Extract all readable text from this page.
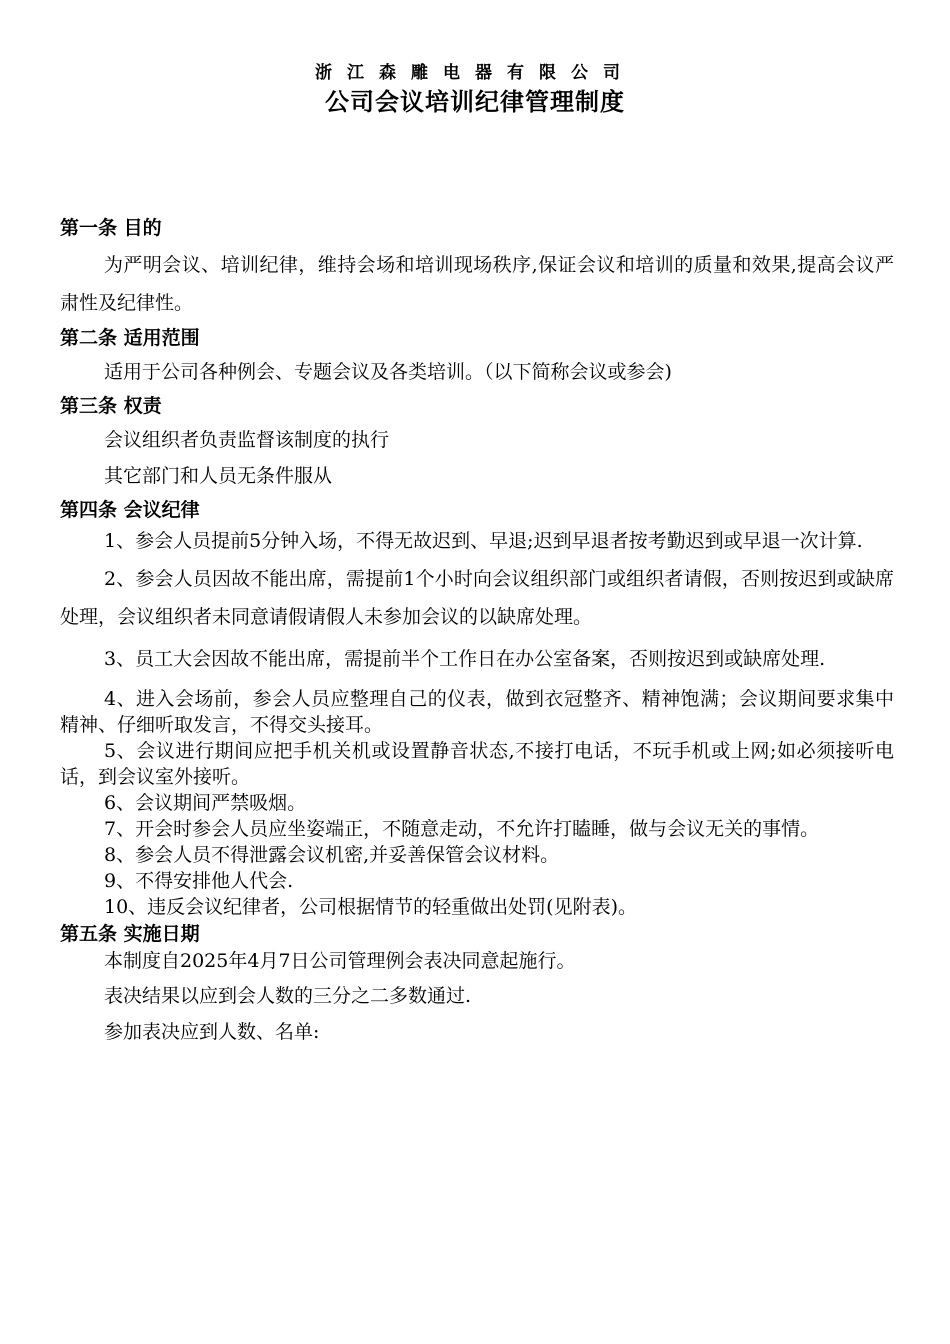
浙江森雕电器有限公司
公司会议培训纪律管理制度

第一条 目的

为严明会议、培训纪律，维持会场和培训现场秩序,保证会议和培训的质量和效果,提高会议严肃性及纪律性。

第二条 适用范围

适用于公司各种例会、专题会议及各类培训。（以下简称会议或参会)

第三条 权责

会议组织者负责监督该制度的执行

其它部门和人员无条件服从

第四条 会议纪律

1、参会人员提前5分钟入场，不得无故迟到、早退;迟到早退者按考勤迟到或早退一次计算.

2、参会人员因故不能出席，需提前1个小时向会议组织部门或组织者请假，否则按迟到或缺席处理，会议组织者未同意请假请假人未参加会议的以缺席处理。

3、员工大会因故不能出席，需提前半个工作日在办公室备案，否则按迟到或缺席处理.

4、进入会场前，参会人员应整理自己的仪表，做到衣冠整齐、精神饱满；会议期间要求集中精神、仔细听取发言，不得交头接耳。

5、会议进行期间应把手机关机或设置静音状态,不接打电话，不玩手机或上网;如必须接听电话，到会议室外接听。

6、会议期间严禁吸烟。

7、开会时参会人员应坐姿端正，不随意走动，不允许打瞌睡，做与会议无关的事情。

8、参会人员不得泄露会议机密,并妥善保管会议材料。

9、不得安排他人代会.

10、违反会议纪律者，公司根据情节的轻重做出处罚(见附表)。

第五条 实施日期

本制度自2025年4月7日公司管理例会表决同意起施行。

表决结果以应到会人数的三分之二多数通过.

参加表决应到人数、名单:
